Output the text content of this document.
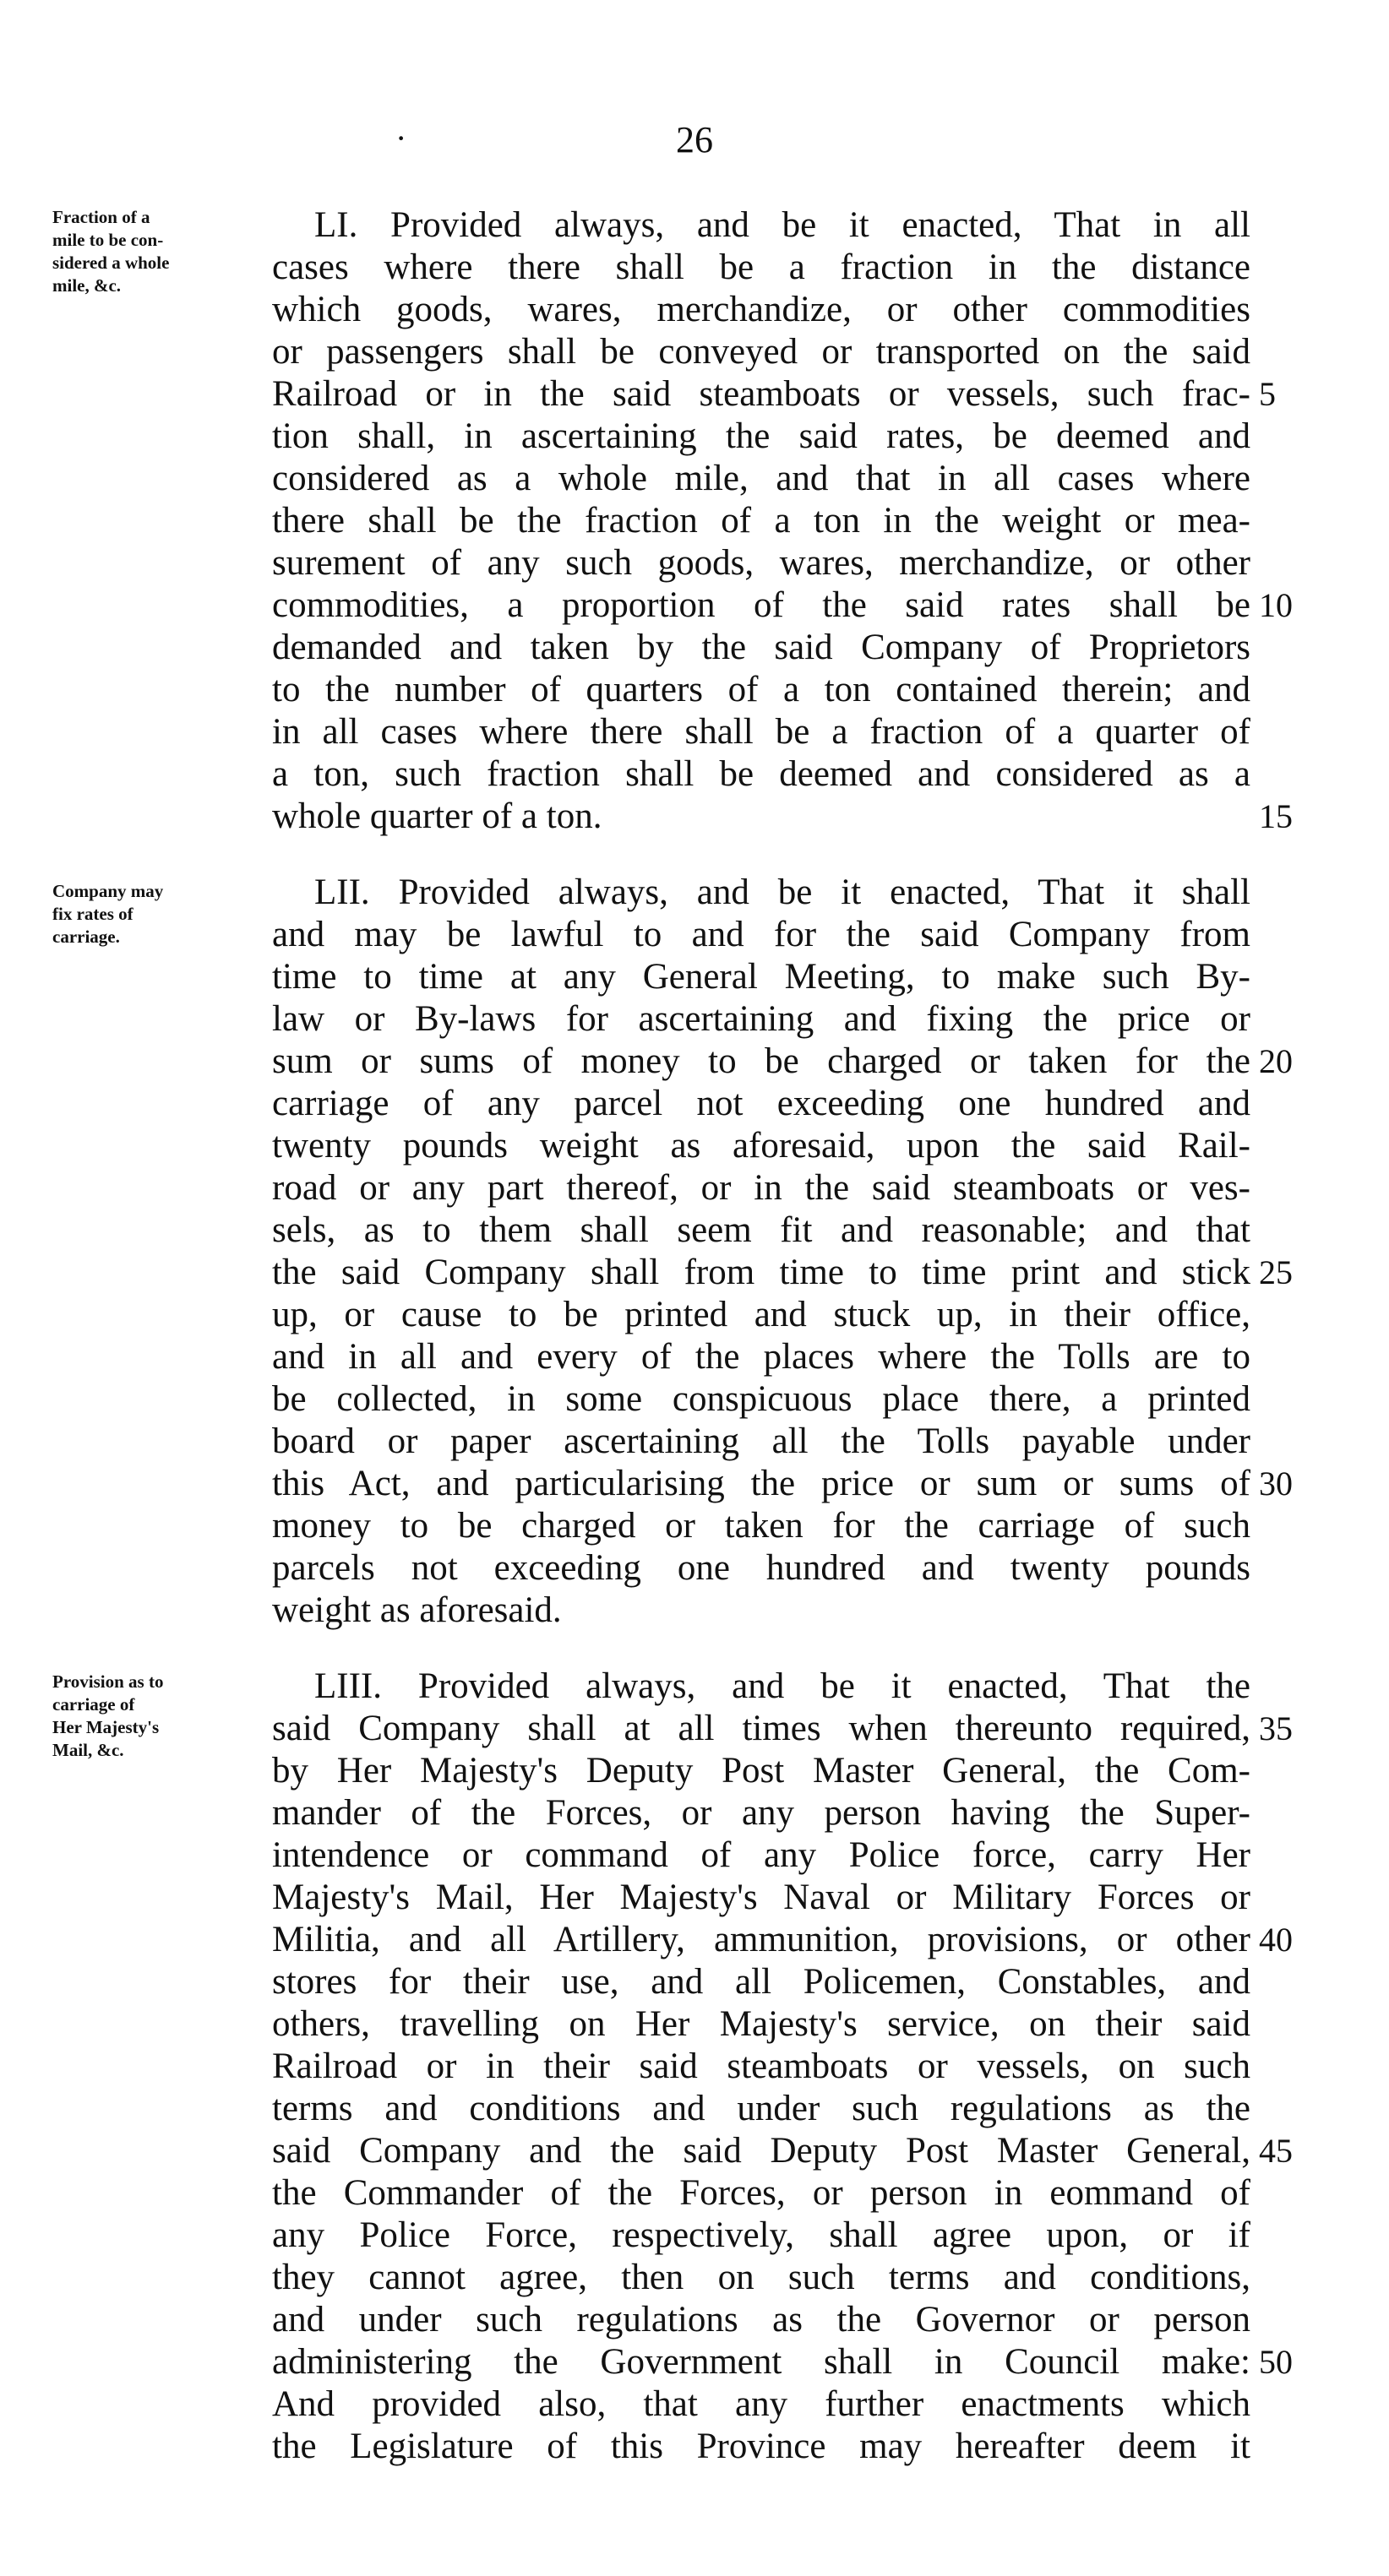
·	26
Fraction of a
mile to be con-
sidered a whole
mile, &c.
LI. Provided always, and be it enacted, That in all
cases where there shall be a fraction in the distance
which goods, wares, merchandize, or other commodities
or passengers shall be conveyed or transported on the said
Railroad or in the said steamboats or vessels, such frac-
tion shall, in ascertaining the said rates, be deemed and
considered as a whole mile, and that in all cases where
there shall be the fraction of a ton in the weight or mea-
surement of any such goods, wares, merchandize, or other
commodities, a proportion of the said rates shall be
demanded and taken by the said Company of Proprietors
to the number of quarters of a ton contained therein; and
in all cases where there shall be a fraction of a quarter of
a ton, such fraction shall be deemed and considered as a
whole quarter of a ton.
Company may
fix rates of
carriage.
LII. Provided always, and be it enacted, That it shall
and may be lawful to and for the said Company from
time to time at any General Meeting, to make such By-
law or By-laws for ascertaining and fixing the price or
sum or sums of money to be charged or taken for the
carriage of any parcel not exceeding one hundred and
twenty pounds weight as aforesaid, upon the said Rail-
road or any part thereof, or in the said steamboats or ves-
sels, as to them shall seem fit and reasonable; and that
the said Company shall from time to time print and stick
up, or cause to be printed and stuck up, in their office,
and in all and every of the places where the Tolls are to
be collected, in some conspicuous place there, a printed
board or paper ascertaining all the Tolls payable under
this Act, and particularising the price or sum or sums of
money to be charged or taken for the carriage of such
parcels not exceeding one hundred and twenty pounds
weight as aforesaid.
Provision as to
carriage of
Her Majesty's
Mail, &c.
LIII. Provided always, and be it enacted, That the
said Company shall at all times when thereunto required,
by Her Majesty's Deputy Post Master General, the Com-
mander of the Forces, or any person having the Super-
intendence or command of any Police force, carry Her
Majesty's Mail, Her Majesty's Naval or Military Forces or
Militia, and all Artillery, ammunition, provisions, or other
stores for their use, and all Policemen, Constables, and
others, travelling on Her Majesty's service, on their said
Railroad or in their said steamboats or vessels, on such
terms and conditions and under such regulations as the
said Company and the said Deputy Post Master General,
the Commander of the Forces, or person in eommand of
any Police Force, respectively, shall agree upon, or if
they cannot agree, then on such terms and conditions,
and under such regulations as the Governor or person
administering the Government shall in Council make:
And provided also, that any further enactments which
the Legislature of this Province may hereafter deem it
5
10
15
20
25
30
35
40
45
50
